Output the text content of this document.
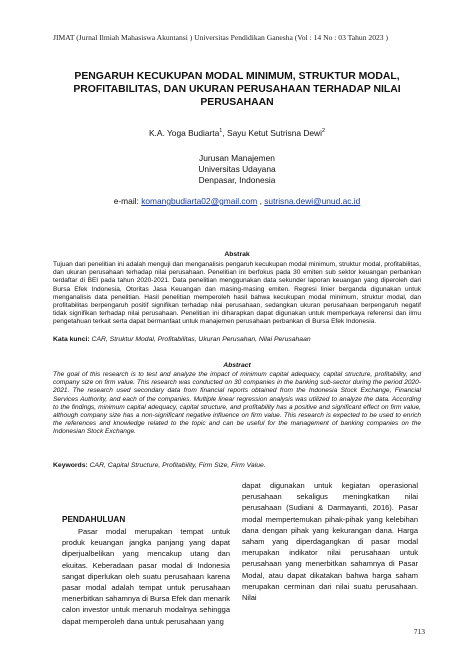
JIMAT (Jurnal Ilmiah Mahasiswa Akuntansi ) Universitas Pendidikan Ganesha (Vol : 14 No : 03 Tahun 2023 )
PENGARUH KECUKUPAN MODAL MINIMUM, STRUKTUR MODAL, PROFITABILITAS, DAN UKURAN PERUSAHAAN TERHADAP NILAI PERUSAHAAN
K.A. Yoga Budiarta$^1$, Sayu Ketut Sutrisna Dewi$^2$
Jurusan Manajemen
Universitas Udayana
Denpasar, Indonesia
e-mail: komangbudiarta02@gmail.com , sutrisna.dewi@unud.ac.id
Abstrak
Tujuan dari penelitian ini adalah menguji dan menganalisis pengaruh kecukupan modal minimum, struktur modal, profitabilitas, dan ukuran perusahaan terhadap nilai perusahaan. Penelitian ini berfokus pada 30 emiten sub sektor keuangan perbankan terdaftar di BEI pada tahun 2020-2021. Data penelitian menggunakan data sekunder laporan keuangan yang diperoleh dari Bursa Efek Indonesia, Otoritas Jasa Keuangan dan masing-masing emiten. Regresi linier berganda digunakan untuk menganalisis data penelitian. Hasil penelitian memperoleh hasil bahwa kecukupan modal minimum, struktur modal, dan profitabilitas berpengaruh positif signifikan terhadap nilai perusahaan, sedangkan ukuran perusahaan berpengaruh negatif tidak signifikan terhadap nilai perusahaan. Penelitian ini diharapkan dapat digunakan untuk memperkaya referensi dan ilmu pengetahuan terkait serta dapat bermanfaat untuk manajemen perusahaan perbankan di Bursa Efek Indonesia.
Kata kunci: CAR, Struktur Modal, Profitabilitas, Ukuran Perusahan, Nilai Perusahaan
Abstract
The goal of this research is to test and analyze the impact of minimum capital adequacy, capital structure, profitability, and company size on firm value. This research was conducted on 30 companies in the banking sub-sector during the period 2020-2021. The research used secondary data from financial reports obtained from the Indonesia Stock Exchange, Financial Services Authority, and each of the companies. Multiple linear regression analysis was utilized to analyze the data. According to the findings, minimum capital adequacy, capital structure, and profitability has a positive and significant effect on firm value, although company size has a non-significant negative influence on firm value. This research is expected to be used to enrich the references and knowledge related to the topic and can be useful for the management of banking companies on the Indonesian Stock Exchange.
Keywords: CAR, Capital Structure, Profitability, Firm Size, Firm Value.
PENDAHULUAN
Pasar modal merupakan tempat untuk produk keuangan jangka panjang yang dapat diperjualbelikan yang mencakup utang dan ekuitas. Keberadaan pasar modal di Indonesia sangat diperlukan oleh suatu perusahaan karena pasar modal adalah tempat untuk perusahaan menerbitkan sahamnya di Bursa Efek dan menarik calon investor untuk menaruh modalnya sehingga dapat memperoleh dana untuk perusahaan yang
dapat digunakan untuk kegiatan operasional perusahaan sekaligus meningkatkan nilai perusahaan (Sudiani & Darmayanti, 2016). Pasar modal mempertemukan pihak-pihak yang kelebihan dana dengan pihak yang kekurangan dana. Harga saham yang diperdagangkan di pasar modal merupakan indikator nilai perusahaan untuk perusahaan yang menerbitkan sahamnya di Pasar Modal, atau dapat dikatakan bahwa harga saham merupakan cerminan dari nilai suatu perusahaan. Nilai
713
